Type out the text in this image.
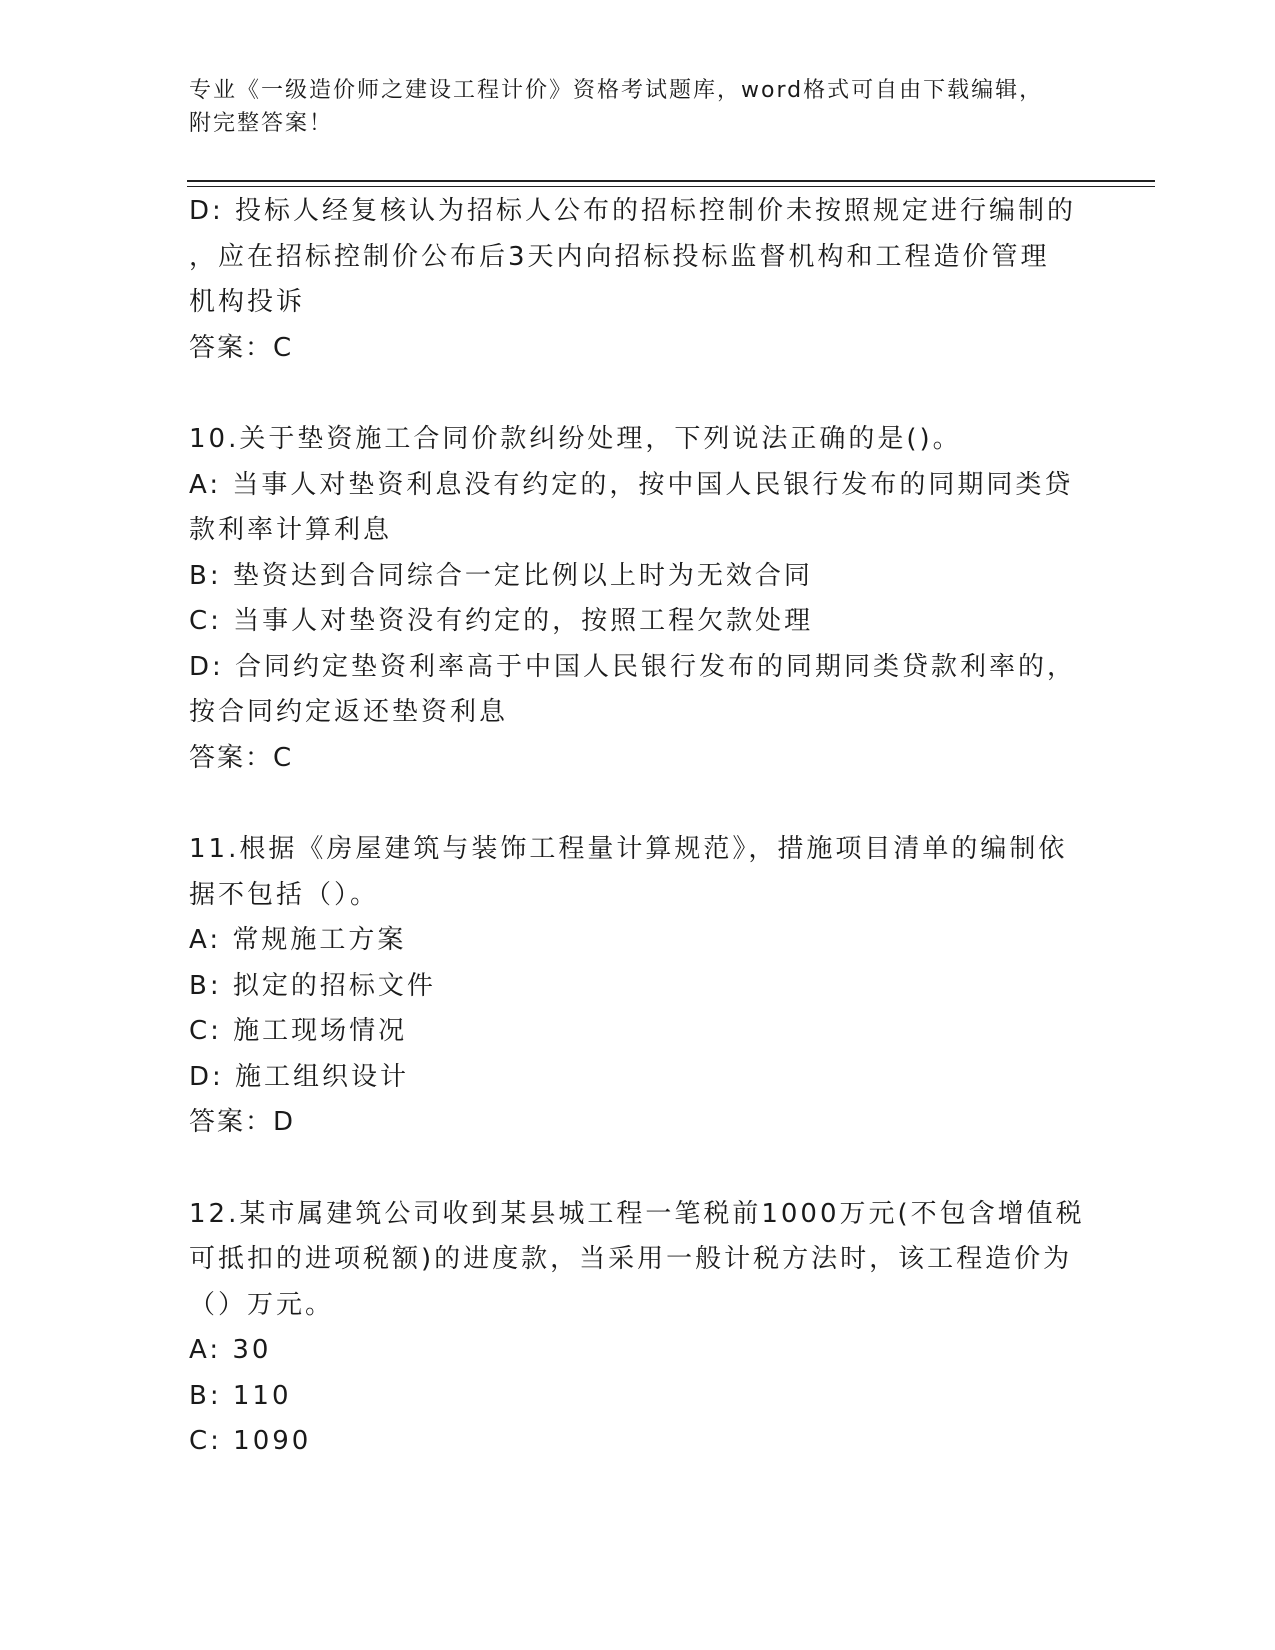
专业《一级造价师之建设工程计价》资格考试题库，word格式可自由下载编辑，
附完整答案！

D: 投标人经复核认为招标人公布的招标控制价未按照规定进行编制的

，应在招标控制价公布后3天内向招标投标监督机构和工程造价管理

机构投诉

答案：C

10.关于垫资施工合同价款纠纷处理，下列说法正确的是()。

A: 当事人对垫资利息没有约定的，按中国人民银行发布的同期同类贷

款利率计算利息

B: 垫资达到合同综合一定比例以上时为无效合同

C: 当事人对垫资没有约定的，按照工程欠款处理

D: 合同约定垫资利率高于中国人民银行发布的同期同类贷款利率的，

按合同约定返还垫资利息

答案：C

11.根据《房屋建筑与装饰工程量计算规范》，措施项目清单的编制依

据不包括（）。

A: 常规施工方案

B: 拟定的招标文件

C: 施工现场情况

D: 施工组织设计

答案：D

12.某市属建筑公司收到某县城工程一笔税前1000万元(不包含增值税

可抵扣的进项税额)的进度款，当采用一般计税方法时，该工程造价为

（）万元。

A: 30

B: 110

C: 1090
